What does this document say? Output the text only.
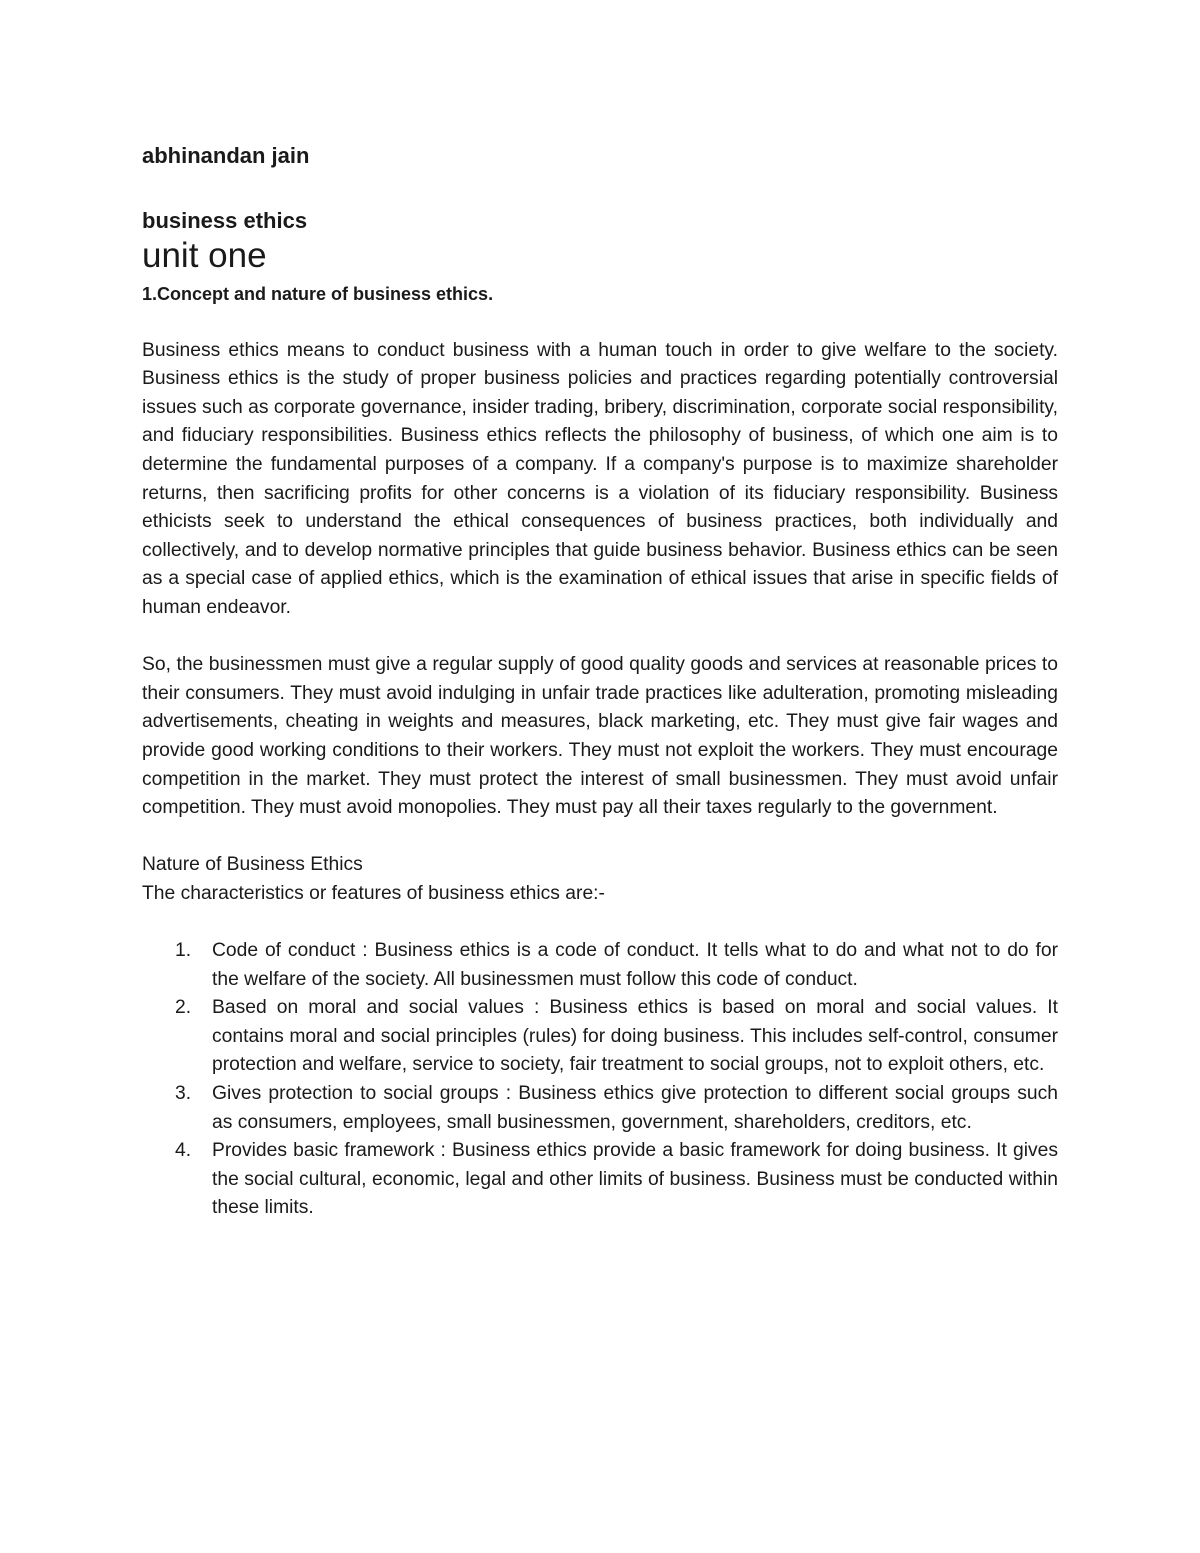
abhinandan jain

business ethics

unit one

1.Concept and nature of business ethics.

Business ethics means to conduct business with a human touch in order to give welfare to the society. Business ethics is the study of proper business policies and practices regarding potentially controversial issues such as corporate governance, insider trading, bribery, discrimination, corporate social responsibility, and fiduciary responsibilities. Business ethics reflects the philosophy of business, of which one aim is to determine the fundamental purposes of a company. If a company's purpose is to maximize shareholder returns, then sacrificing profits for other concerns is a violation of its fiduciary responsibility. Business ethicists seek to understand the ethical consequences of business practices, both individually and collectively, and to develop normative principles that guide business behavior. Business ethics can be seen as a special case of applied ethics, which is the examination of ethical issues that arise in specific fields of human endeavor.

So, the businessmen must give a regular supply of good quality goods and services at reasonable prices to their consumers. They must avoid indulging in unfair trade practices like adulteration, promoting misleading advertisements, cheating in weights and measures, black marketing, etc. They must give fair wages and provide good working conditions to their workers. They must not exploit the workers. They must encourage competition in the market. They must protect the interest of small businessmen. They must avoid unfair competition. They must avoid monopolies. They must pay all their taxes regularly to the government.

Nature of Business Ethics

The characteristics or features of business ethics are:-

1. Code of conduct : Business ethics is a code of conduct. It tells what to do and what not to do for the welfare of the society. All businessmen must follow this code of conduct.
2. Based on moral and social values : Business ethics is based on moral and social values. It contains moral and social principles (rules) for doing business. This includes self-control, consumer protection and welfare, service to society, fair treatment to social groups, not to exploit others, etc.
3. Gives protection to social groups : Business ethics give protection to different social groups such as consumers, employees, small businessmen, government, shareholders, creditors, etc.
4. Provides basic framework : Business ethics provide a basic framework for doing business. It gives the social cultural, economic, legal and other limits of business. Business must be conducted within these limits.
